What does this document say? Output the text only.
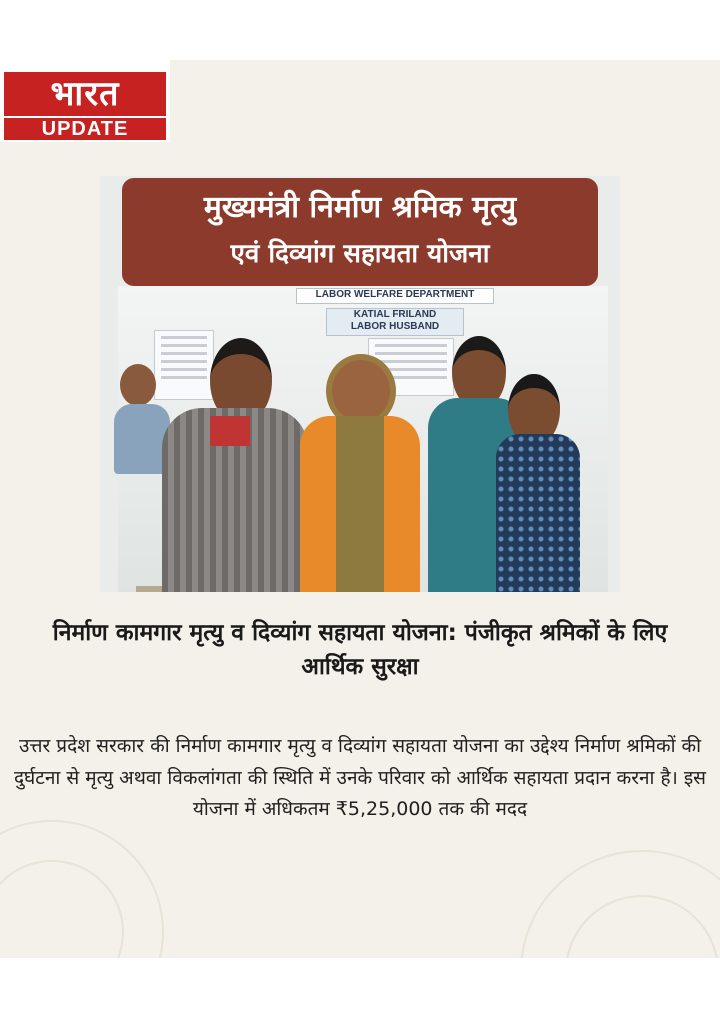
भारत
UPDATE
LABOR WELFARE DEPARTMENT
KATIAL FRILAND
LABOR HUSBAND
मुख्यमंत्री निर्माण श्रमिक मृत्यु
एवं दिव्यांग सहायता योजना
निर्माण कामगार मृत्यु व दिव्यांग सहायता योजना: पंजीकृत श्रमिकों के लिए आर्थिक सुरक्षा
उत्तर प्रदेश सरकार की निर्माण कामगार मृत्यु व दिव्यांग सहायता योजना का उद्देश्य निर्माण श्रमिकों की दुर्घटना से मृत्यु अथवा विकलांगता की स्थिति में उनके परिवार को आर्थिक सहायता प्रदान करना है। इस योजना में अधिकतम ₹5,25,000 तक की मदद
